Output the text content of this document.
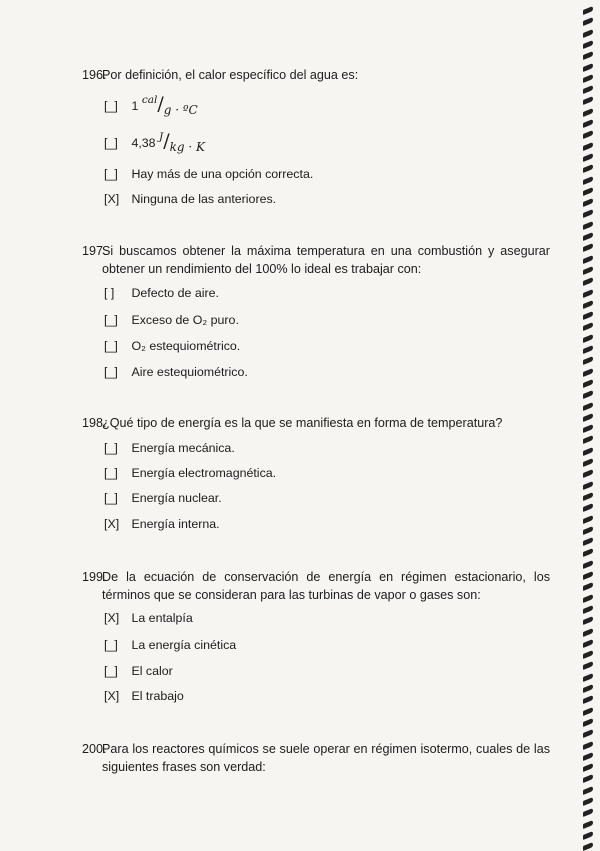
196.
Por definición, el calor específico del agua es:
[_] 1 $^{cal}$/g · ºC
[_] 4,38 $^J$/kg · K
[_] Hay más de una opción correcta.
[X] Ninguna de las anteriores.
197.
Si buscamos obtener la máxima temperatura en una combustión y asegurar obtener un rendimiento del 100% lo ideal es trabajar con:
[ ] Defecto de aire.
[_] Exceso de O₂ puro.
[_] O₂ estequiométrico.
[_] Aire estequiométrico.
198.
¿Qué tipo de energía es la que se manifiesta en forma de temperatura?
[_] Energía mecánica.
[_] Energía electromagnética.
[_] Energía nuclear.
[X] Energía interna.
199.
De la ecuación de conservación de energía en régimen estacionario, los términos que se consideran para las turbinas de vapor o gases son:
[X] La entalpía
[_] La energía cinética
[_] El calor
[X] El trabajo
200.
Para los reactores químicos se suele operar en régimen isotermo, cuales de las siguientes frases son verdad:
